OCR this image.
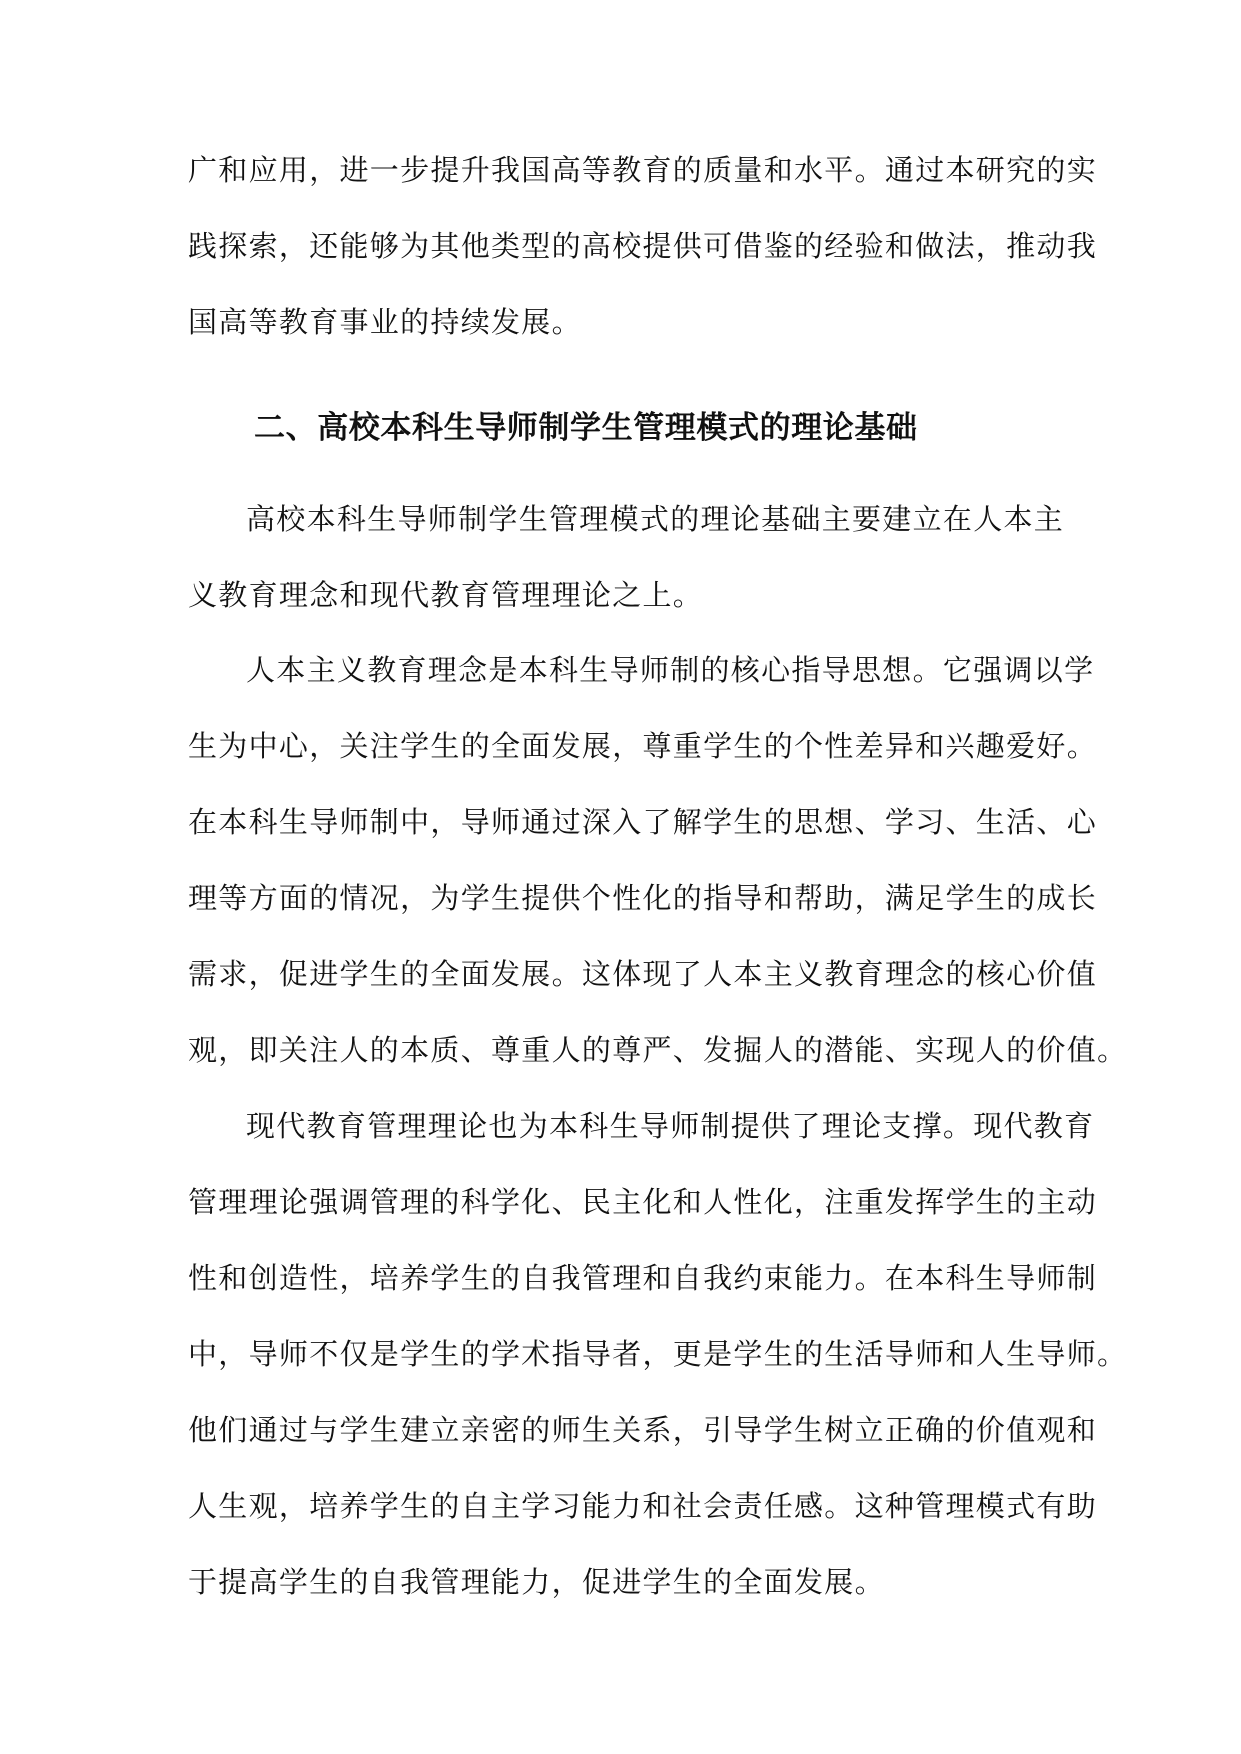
广和应用，进一步提升我国高等教育的质量和水平。通过本研究的实
践探索，还能够为其他类型的高校提供可借鉴的经验和做法，推动我
国高等教育事业的持续发展。
二、高校本科生导师制学生管理模式的理论基础
高校本科生导师制学生管理模式的理论基础主要建立在人本主
义教育理念和现代教育管理理论之上。
人本主义教育理念是本科生导师制的核心指导思想。它强调以学
生为中心，关注学生的全面发展，尊重学生的个性差异和兴趣爱好。
在本科生导师制中，导师通过深入了解学生的思想、学习、生活、心
理等方面的情况，为学生提供个性化的指导和帮助，满足学生的成长
需求，促进学生的全面发展。这体现了人本主义教育理念的核心价值
观，即关注人的本质、尊重人的尊严、发掘人的潜能、实现人的价值。
现代教育管理理论也为本科生导师制提供了理论支撑。现代教育
管理理论强调管理的科学化、民主化和人性化，注重发挥学生的主动
性和创造性，培养学生的自我管理和自我约束能力。在本科生导师制
中，导师不仅是学生的学术指导者，更是学生的生活导师和人生导师。
他们通过与学生建立亲密的师生关系，引导学生树立正确的价值观和
人生观，培养学生的自主学习能力和社会责任感。这种管理模式有助
于提高学生的自我管理能力，促进学生的全面发展。
